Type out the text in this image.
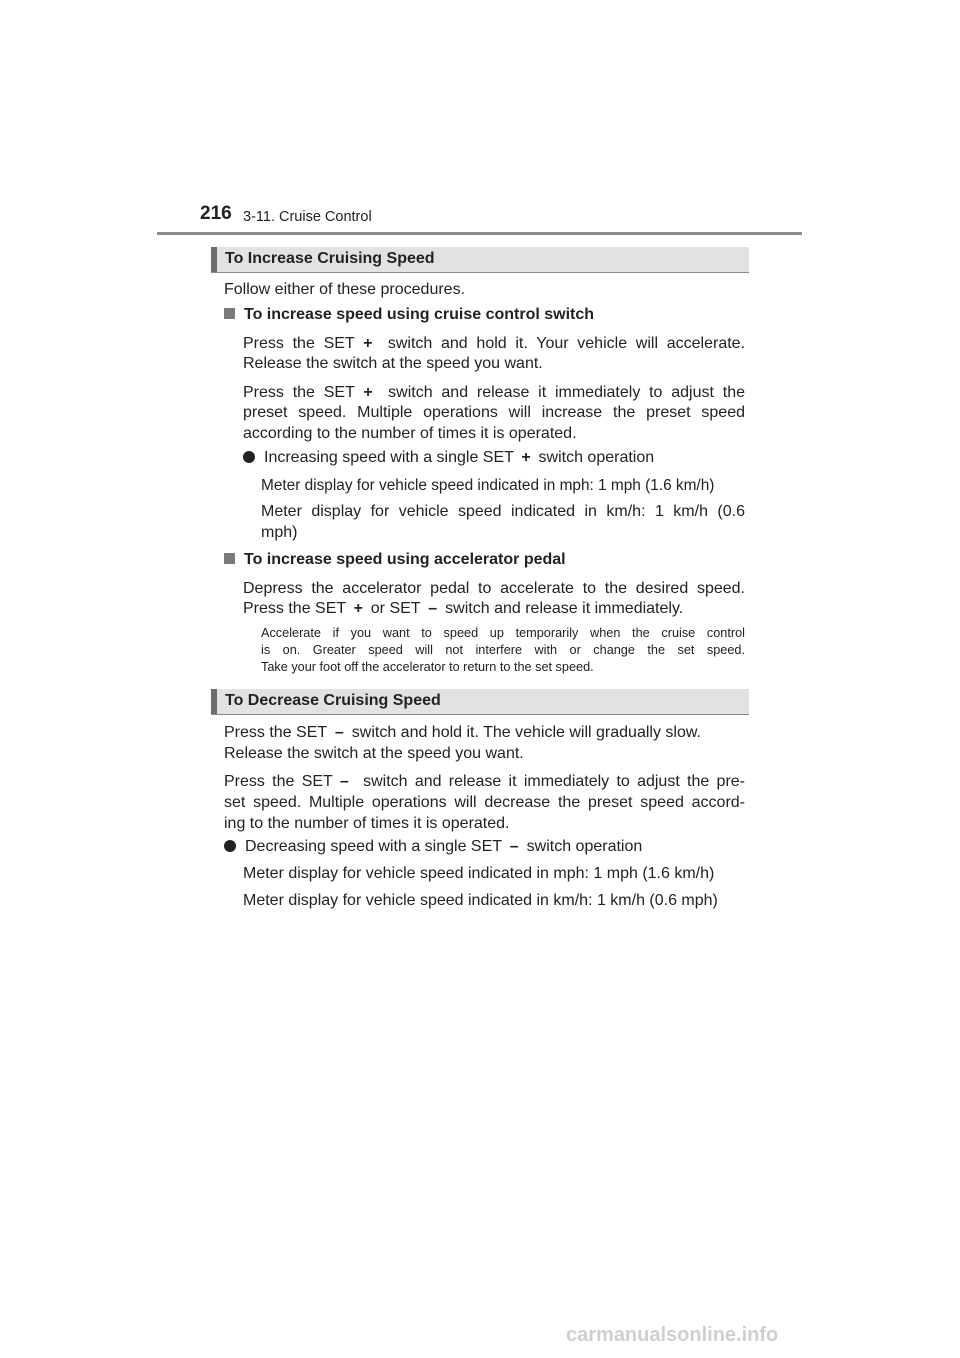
216 3-11. Cruise Control
To Increase Cruising Speed
Follow either of these procedures.
To increase speed using cruise control switch
Press the SET + switch and hold it. Your vehicle will accelerate.
Release the switch at the speed you want.
Press the SET + switch and release it immediately to adjust the
preset speed. Multiple operations will increase the preset speed
according to the number of times it is operated.
Increasing speed with a single SET + switch operation
Meter display for vehicle speed indicated in mph: 1 mph (1.6 km/h)
Meter display for vehicle speed indicated in km/h: 1 km/h (0.6
mph)
To increase speed using accelerator pedal
Depress the accelerator pedal to accelerate to the desired speed.
Press the SET + or SET – switch and release it immediately.
Accelerate if you want to speed up temporarily when the cruise control
is on. Greater speed will not interfere with or change the set speed.
Take your foot off the accelerator to return to the set speed.
To Decrease Cruising Speed
Press the SET – switch and hold it. The vehicle will gradually slow.
Release the switch at the speed you want.
Press the SET – switch and release it immediately to adjust the pre-
set speed. Multiple operations will decrease the preset speed accord-
ing to the number of times it is operated.
Decreasing speed with a single SET – switch operation
Meter display for vehicle speed indicated in mph: 1 mph (1.6 km/h)
Meter display for vehicle speed indicated in km/h: 1 km/h (0.6 mph)
carmanualsonline.info
